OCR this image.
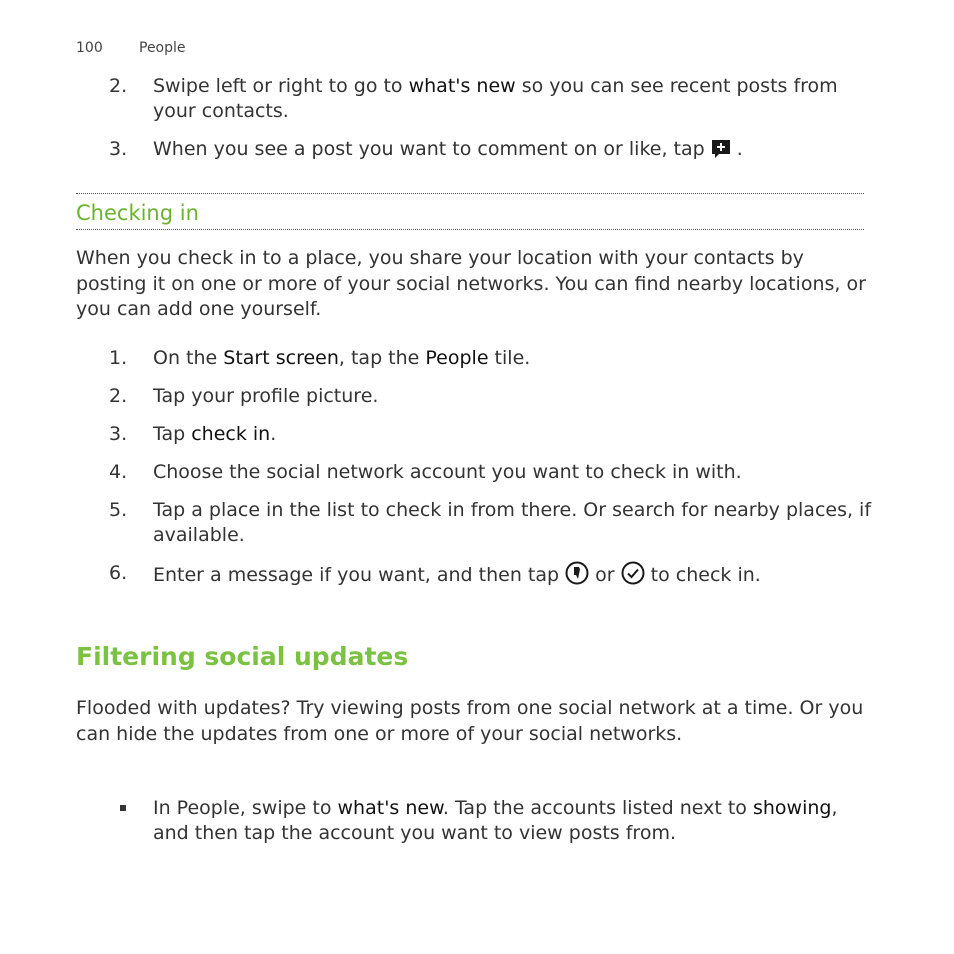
100	People
2. Swipe left or right to go to what's new so you can see recent posts from your contacts.
3. When you see a post you want to comment on or like, tap  .
Checking in

When you check in to a place, you share your location with your contacts by posting it on one or more of your social networks. You can find nearby locations, or you can add one yourself.

1. On the Start screen, tap the People tile.
2. Tap your profile picture.
3. Tap check in.
4. Choose the social network account you want to check in with.
5. Tap a place in the list to check in from there. Or search for nearby places, if available.
6. Enter a message if you want, and then tap  or  to check in.
Filtering social updates

Flooded with updates? Try viewing posts from one social network at a time. Or you can hide the updates from one or more of your social networks.

In People, swipe to what's new. Tap the accounts listed next to showing, and then tap the account you want to view posts from.
